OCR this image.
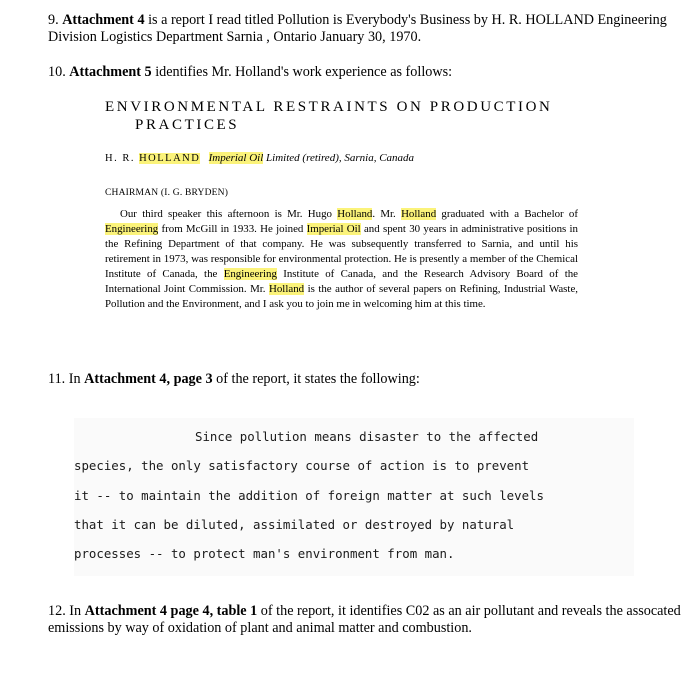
9. Attachment 4 is a report I read titled Pollution is Everybody's Business by H. R. HOLLAND Engineering Division Logistics Department Sarnia , Ontario January 30, 1970.
10. Attachment 5 identifies Mr. Holland's work experience as follows:
ENVIRONMENTAL RESTRAINTS ON PRODUCTION
PRACTICES
H. R. HOLLAND Imperial Oil Limited (retired), Sarnia, Canada
CHAIRMAN (I. G. BRYDEN)
Our third speaker this afternoon is Mr. Hugo Holland. Mr. Holland graduated with a Bachelor of Engineering from McGill in 1933. He joined Imperial Oil and spent 30 years in administrative positions in the Refining Department of that company. He was subsequently transferred to Sarnia, and until his retirement in 1973, was responsible for environmental protection. He is presently a member of the Chemical Institute of Canada, the Engineering Institute of Canada, and the Research Advisory Board of the International Joint Commission. Mr. Holland is the author of several papers on Refining, Industrial Waste, Pollution and the Environment, and I ask you to join me in welcoming him at this time.
11. In Attachment 4, page 3 of the report, it states the following:
Since pollution means disaster to the affected
species, the only satisfactory course of action is to prevent
it -- to maintain the addition of foreign matter at such levels
that it can be diluted, assimilated or destroyed by natural
processes -- to protect man's environment from man.
12. In Attachment 4 page 4, table 1 of the report, it identifies C02 as an air pollutant and reveals the assocated emissions by way of oxidation of plant and animal matter and combustion.
